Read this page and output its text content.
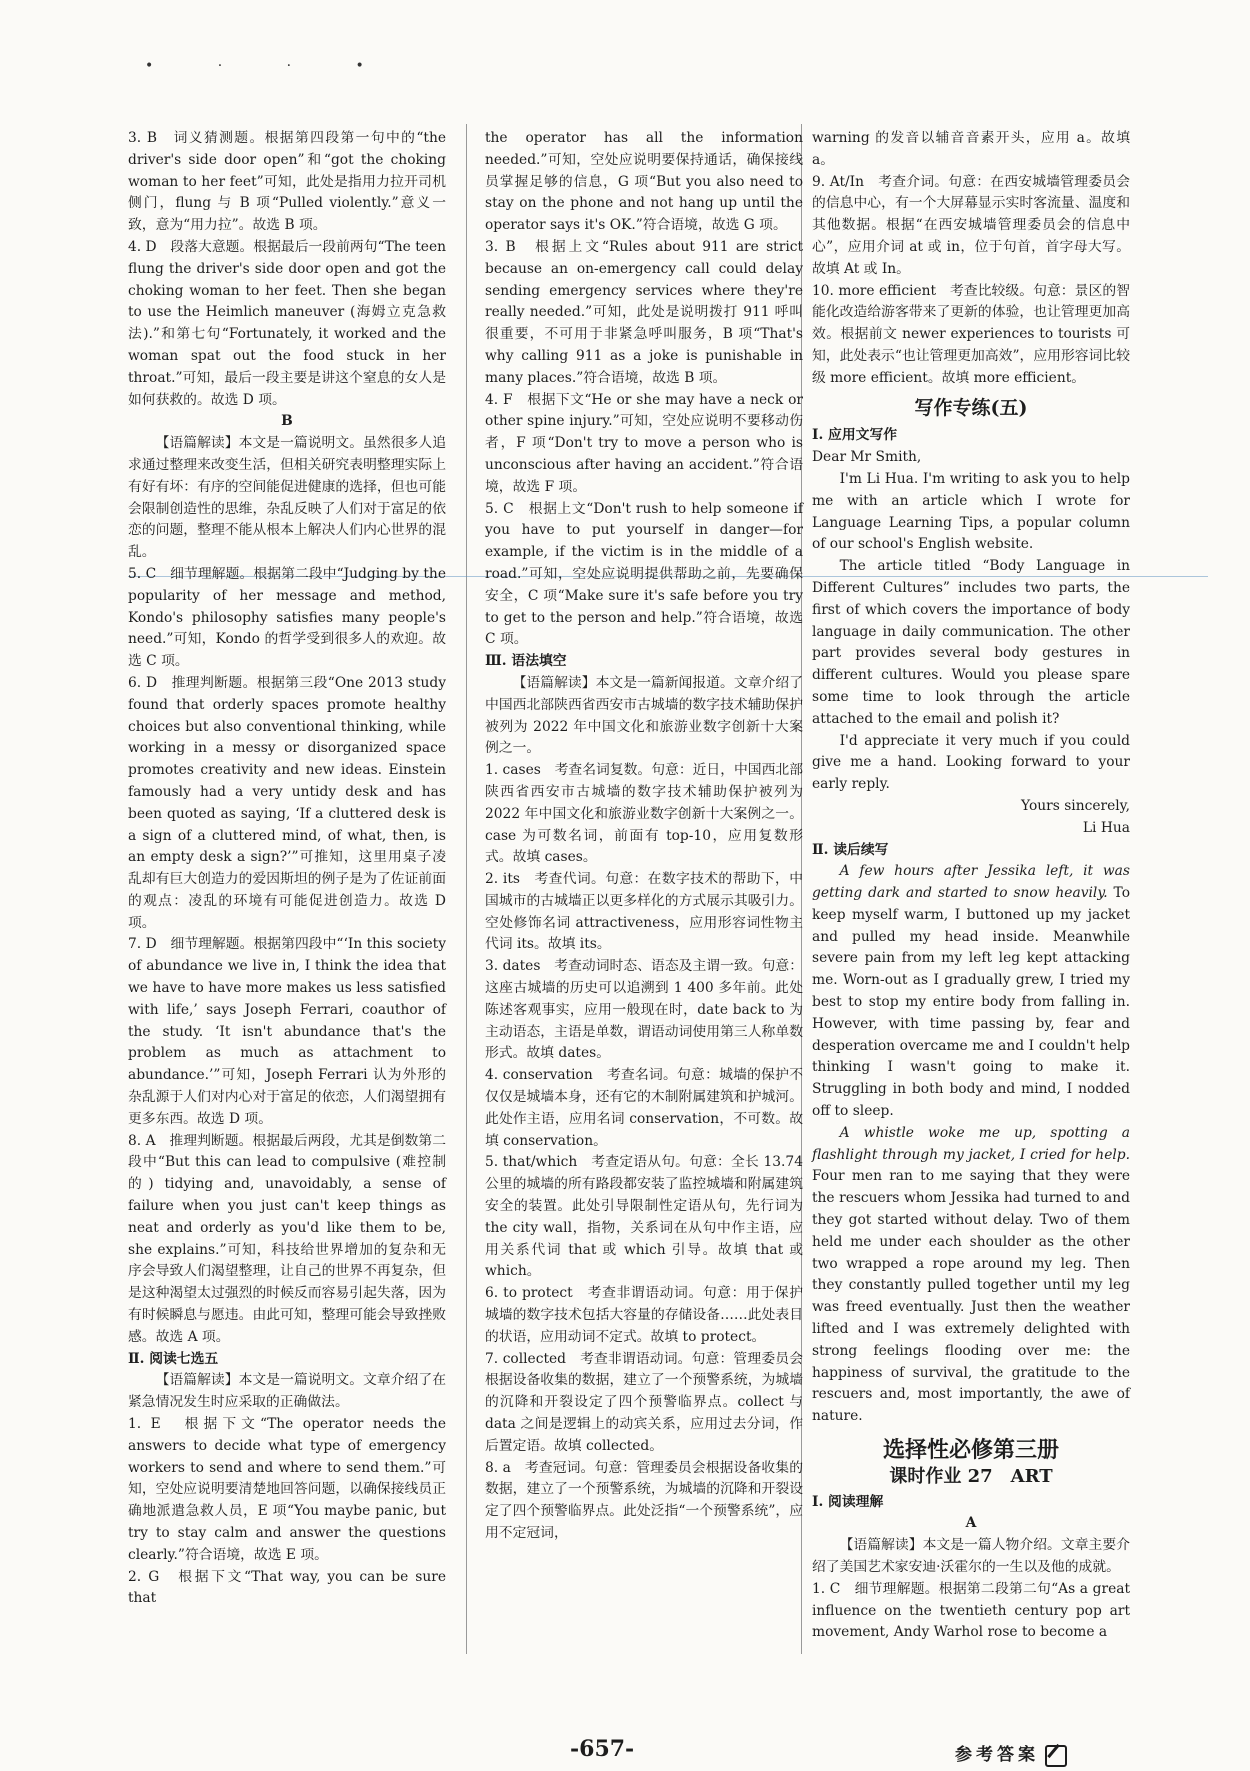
• · · •

3. B　词义猜测题。根据第四段第一句中的“the driver's side door open”和“got the choking woman to her feet”可知，此处是指用力拉开司机侧门，flung 与 B 项“Pulled violently.”意义一致，意为“用力拉”。故选 B 项。

4. D　段落大意题。根据最后一段前两句“The teen flung the driver's side door open and got the choking woman to her feet. Then she began to use the Heimlich maneuver (海姆立克急救法).”和第七句“Fortunately, it worked and the woman spat out the food stuck in her throat.”可知，最后一段主要是讲这个窒息的女人是如何获救的。故选 D 项。

B

【语篇解读】本文是一篇说明文。虽然很多人追求通过整理来改变生活，但相关研究表明整理实际上有好有坏：有序的空间能促进健康的选择，但也可能会限制创造性的思维，杂乱反映了人们对于富足的依恋的问题，整理不能从根本上解决人们内心世界的混乱。

5. C　细节理解题。根据第二段中“Judging by the popularity of her message and method, Kondo's philosophy satisfies many people's need.”可知，Kondo 的哲学受到很多人的欢迎。故选 C 项。

6. D　推理判断题。根据第三段“One 2013 study found that orderly spaces promote healthy choices but also conventional thinking, while working in a messy or disorganized space promotes creativity and new ideas. Einstein famously had a very untidy desk and has been quoted as saying, ‘If a cluttered desk is a sign of a cluttered mind, of what, then, is an empty desk a sign?’”可推知，这里用桌子凌乱却有巨大创造力的爱因斯坦的例子是为了佐证前面的观点：凌乱的环境有可能促进创造力。故选 D 项。

7. D　细节理解题。根据第四段中“‘In this society of abundance we live in, I think the idea that we have to have more makes us less satisfied with life,’ says Joseph Ferrari, coauthor of the study. ‘It isn't abundance that's the problem as much as attachment to abundance.’”可知，Joseph Ferrari 认为外形的杂乱源于人们对内心对于富足的依恋，人们渴望拥有更多东西。故选 D 项。

8. A　推理判断题。根据最后两段，尤其是倒数第二段中“But this can lead to compulsive (难控制的) tidying and, unavoidably, a sense of failure when you just can't keep things as neat and orderly as you'd like them to be, she explains.”可知，科技给世界增加的复杂和无序会导致人们渴望整理，让自己的世界不再复杂，但是这种渴望太过强烈的时候反而容易引起失落，因为有时候瞬息与愿违。由此可知，整理可能会导致挫败感。故选 A 项。

Ⅱ. 阅读七选五

【语篇解读】本文是一篇说明文。文章介绍了在紧急情况发生时应采取的正确做法。

1. E　根据下文“The operator needs the answers to decide what type of emergency workers to send and where to send them.”可知，空处应说明要清楚地回答问题，以确保接线员正确地派遣急救人员，E 项“You maybe panic, but try to stay calm and answer the questions clearly.”符合语境，故选 E 项。

2. G　根据下文“That way, you can be sure that

the operator has all the information needed.”可知，空处应说明要保持通话，确保接线员掌握足够的信息，G 项“But you also need to stay on the phone and not hang up until the operator says it's OK.”符合语境，故选 G 项。

3. B　根据上文“Rules about 911 are strict because an on-emergency call could delay sending emergency services where they're really needed.”可知，此处是说明拨打 911 呼叫很重要，不可用于非紧急呼叫服务，B 项“That's why calling 911 as a joke is punishable in many places.”符合语境，故选 B 项。

4. F　根据下文“He or she may have a neck or other spine injury.”可知，空处应说明不要移动伤者，F 项“Don't try to move a person who is unconscious after having an accident.”符合语境，故选 F 项。

5. C　根据上文“Don't rush to help someone if you have to put yourself in danger—for example, if the victim is in the middle of a road.”可知，空处应说明提供帮助之前，先要确保安全，C 项“Make sure it's safe before you try to get to the person and help.”符合语境，故选 C 项。

Ⅲ. 语法填空

【语篇解读】本文是一篇新闻报道。文章介绍了中国西北部陕西省西安市古城墙的数字技术辅助保护被列为 2022 年中国文化和旅游业数字创新十大案例之一。

1. cases　考查名词复数。句意：近日，中国西北部陕西省西安市古城墙的数字技术辅助保护被列为 2022 年中国文化和旅游业数字创新十大案例之一。case 为可数名词，前面有 top-10，应用复数形式。故填 cases。

2. its　考查代词。句意：在数字技术的帮助下，中国城市的古城墙正以更多样化的方式展示其吸引力。空处修饰名词 attractiveness，应用形容词性物主代词 its。故填 its。

3. dates　考查动词时态、语态及主谓一致。句意：这座古城墙的历史可以追溯到 1 400 多年前。此处陈述客观事实，应用一般现在时，date back to 为主动语态，主语是单数，谓语动词使用第三人称单数形式。故填 dates。

4. conservation　考查名词。句意：城墙的保护不仅仅是城墙本身，还有它的木制附属建筑和护城河。此处作主语，应用名词 conservation，不可数。故填 conservation。

5. that/which　考查定语从句。句意：全长 13.74 公里的城墙的所有路段都安装了监控城墙和附属建筑安全的装置。此处引导限制性定语从句，先行词为 the city wall，指物，关系词在从句中作主语，应用关系代词 that 或 which 引导。故填 that 或 which。

6. to protect　考查非谓语动词。句意：用于保护城墙的数字技术包括大容量的存储设备……此处表目的状语，应用动词不定式。故填 to protect。

7. collected　考查非谓语动词。句意：管理委员会根据设备收集的数据，建立了一个预警系统，为城墙的沉降和开裂设定了四个预警临界点。collect 与 data 之间是逻辑上的动宾关系，应用过去分词，作后置定语。故填 collected。

8. a　考查冠词。句意：管理委员会根据设备收集的数据，建立了一个预警系统，为城墙的沉降和开裂设定了四个预警临界点。此处泛指“一个预警系统”，应用不定冠词，

warning 的发音以辅音音素开头，应用 a。故填 a。

9. At/In　考查介词。句意：在西安城墙管理委员会的信息中心，有一个大屏幕显示实时客流量、温度和其他数据。根据“在西安城墙管理委员会的信息中心”，应用介词 at 或 in，位于句首，首字母大写。故填 At 或 In。

10. more efficient　考查比较级。句意：景区的智能化改造给游客带来了更新的体验，也让管理更加高效。根据前文 newer experiences to tourists 可知，此处表示“也让管理更加高效”，应用形容词比较级 more efficient。故填 more efficient。

写作专练(五)

Ⅰ. 应用文写作

Dear Mr Smith,

I'm Li Hua. I'm writing to ask you to help me with an article which I wrote for Language Learning Tips, a popular column of our school's English website.

The article titled “Body Language in Different Cultures” includes two parts, the first of which covers the importance of body language in daily communication. The other part provides several body gestures in different cultures. Would you please spare some time to look through the article attached to the email and polish it?

I'd appreciate it very much if you could give me a hand. Looking forward to your early reply.

Yours sincerely,

Li Hua

Ⅱ. 读后续写

A few hours after Jessika left, it was getting dark and started to snow heavily. To keep myself warm, I buttoned up my jacket and pulled my head inside. Meanwhile severe pain from my left leg kept attacking me. Worn-out as I gradually grew, I tried my best to stop my entire body from falling in. However, with time passing by, fear and desperation overcame me and I couldn't help thinking I wasn't going to make it. Struggling in both body and mind, I nodded off to sleep.

A whistle woke me up, spotting a flashlight through my jacket, I cried for help. Four men ran to me saying that they were the rescuers whom Jessika had turned to and they got started without delay. Two of them held me under each shoulder as the other two wrapped a rope around my leg. Then they constantly pulled together until my leg was freed eventually. Just then the weather lifted and I was extremely delighted with strong feelings flooding over me: the happiness of survival, the gratitude to the rescuers and, most importantly, the awe of nature.

选择性必修第三册
课时作业 27　ART

Ⅰ. 阅读理解

A

【语篇解读】本文是一篇人物介绍。文章主要介绍了美国艺术家安迪·沃霍尔的一生以及他的成就。

1. C　细节理解题。根据第二段第二句“As a great influence on the twentieth century pop art movement, Andy Warhol rose to become a

-657-	参考答案
